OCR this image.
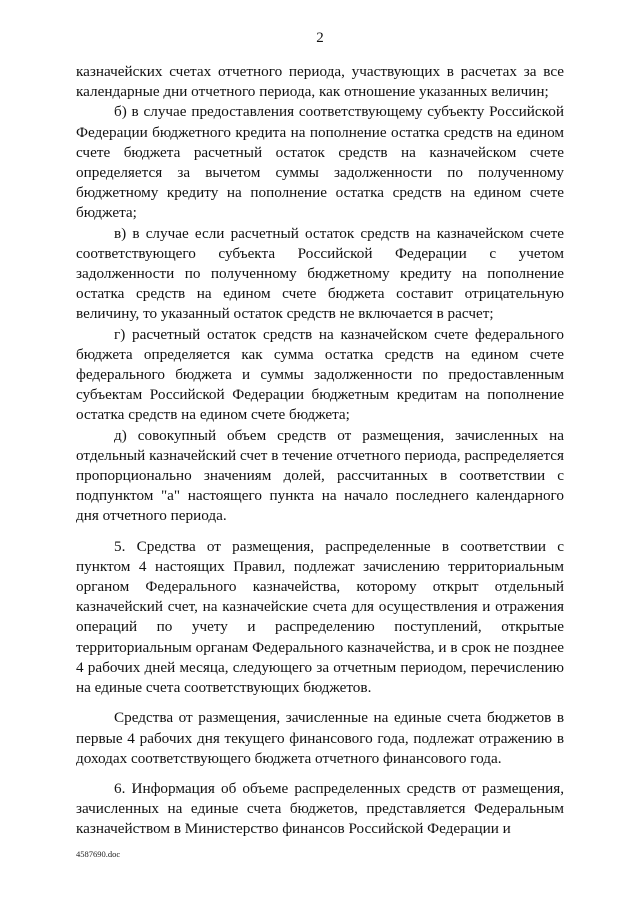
2

казначейских счетах отчетного периода, участвующих в расчетах за все календарные дни отчетного периода, как отношение указанных величин;

б) в случае предоставления соответствующему субъекту Российской Федерации бюджетного кредита на пополнение остатка средств на едином счете бюджета расчетный остаток средств на казначейском счете определяется за вычетом суммы задолженности по полученному бюджетному кредиту на пополнение остатка средств на едином счете бюджета;

в) в случае если расчетный остаток средств на казначейском счете соответствующего субъекта Российской Федерации с учетом задолженности по полученному бюджетному кредиту на пополнение остатка средств на едином счете бюджета составит отрицательную величину, то указанный остаток средств не включается в расчет;

г) расчетный остаток средств на казначейском счете федерального бюджета определяется как сумма остатка средств на едином счете федерального бюджета и суммы задолженности по предоставленным субъектам Российской Федерации бюджетным кредитам на пополнение остатка средств на едином счете бюджета;

д) совокупный объем средств от размещения, зачисленных на отдельный казначейский счет в течение отчетного периода, распределяется пропорционально значениям долей, рассчитанных в соответствии с подпунктом "а" настоящего пункта на начало последнего календарного дня отчетного периода.

5. Средства от размещения, распределенные в соответствии с пунктом 4 настоящих Правил, подлежат зачислению территориальным органом Федерального казначейства, которому открыт отдельный казначейский счет, на казначейские счета для осуществления и отражения операций по учету и распределению поступлений, открытые территориальным органам Федерального казначейства, и в срок не позднее 4 рабочих дней месяца, следующего за отчетным периодом, перечислению на единые счета соответствующих бюджетов.

Средства от размещения, зачисленные на единые счета бюджетов в первые 4 рабочих дня текущего финансового года, подлежат отражению в доходах соответствующего бюджета отчетного финансового года.

6. Информация об объеме распределенных средств от размещения, зачисленных на единые счета бюджетов, представляется Федеральным казначейством в Министерство финансов Российской Федерации и

4587690.doc
